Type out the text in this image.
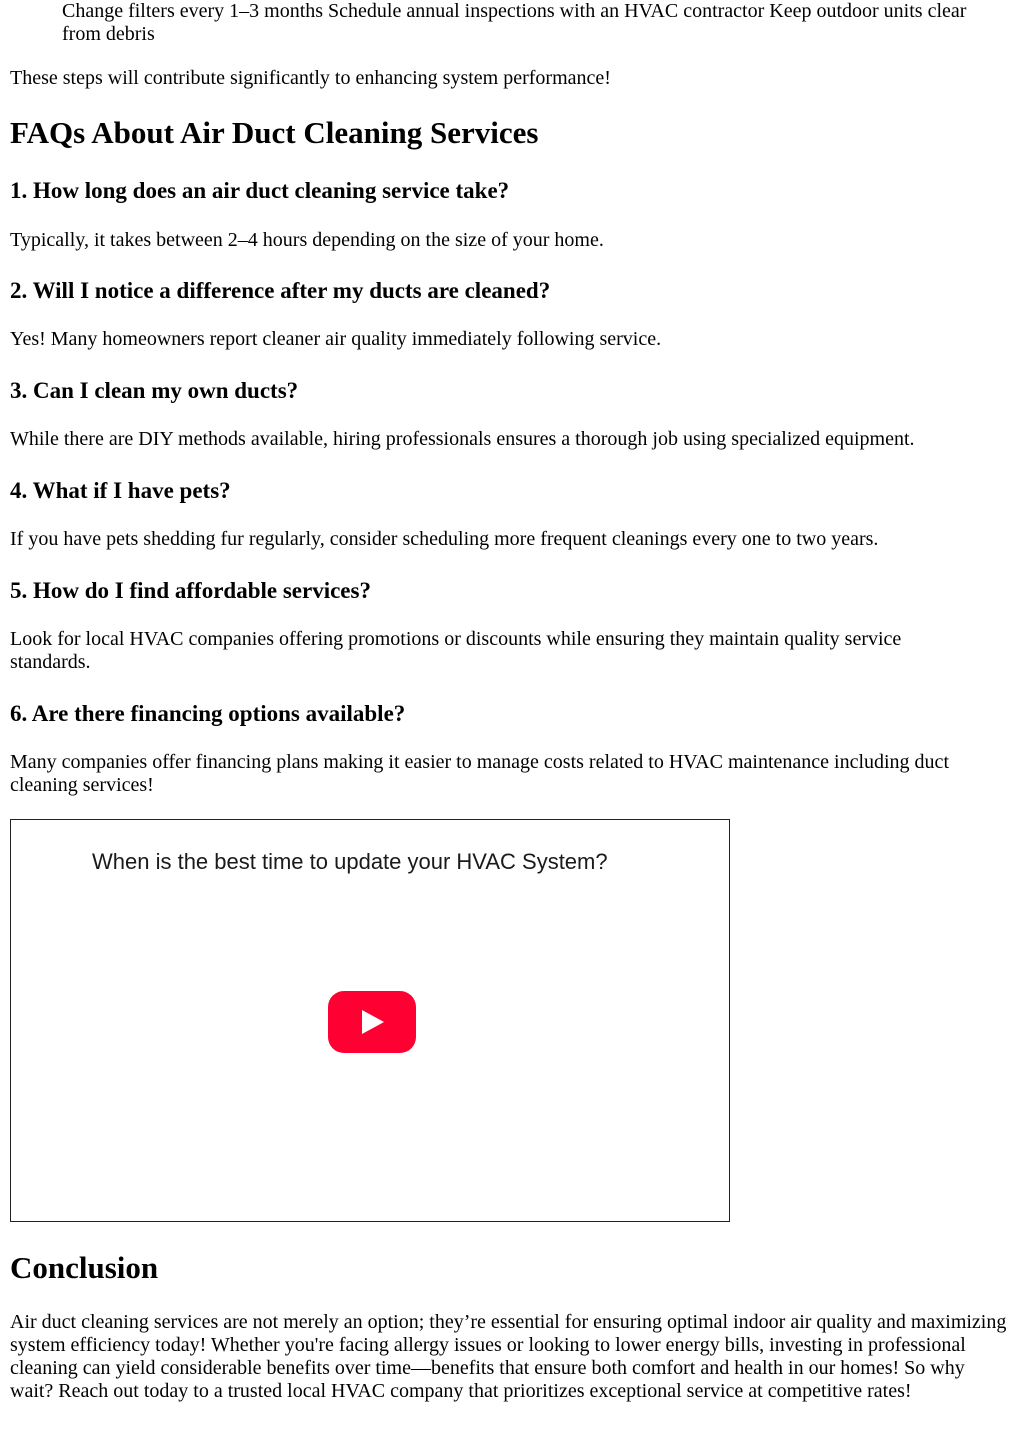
Change filters every 1–3 months Schedule annual inspections with an HVAC contractor Keep outdoor units clear from debris

These steps will contribute significantly to enhancing system performance!

FAQs About Air Duct Cleaning Services
1. How long does an air duct cleaning service take?

Typically, it takes between 2–4 hours depending on the size of your home.

2. Will I notice a difference after my ducts are cleaned?

Yes! Many homeowners report cleaner air quality immediately following service.

3. Can I clean my own ducts?

While there are DIY methods available, hiring professionals ensures a thorough job using specialized equipment.

4. What if I have pets?

If you have pets shedding fur regularly, consider scheduling more frequent cleanings every one to two years.

5. How do I find affordable services?

Look for local HVAC companies offering promotions or discounts while ensuring they maintain quality service standards.

6. Are there financing options available?

Many companies offer financing plans making it easier to manage costs related to HVAC maintenance including duct cleaning services!

When is the best time to update your HVAC System?
Conclusion

Air duct cleaning services are not merely an option; they’re essential for ensuring optimal indoor air quality and maximizing system efficiency today! Whether you're facing allergy issues or looking to lower energy bills, investing in professional cleaning can yield considerable benefits over time—benefits that ensure both comfort and health in our homes! So why wait? Reach out today to a trusted local HVAC company that prioritizes exceptional service at competitive rates!
